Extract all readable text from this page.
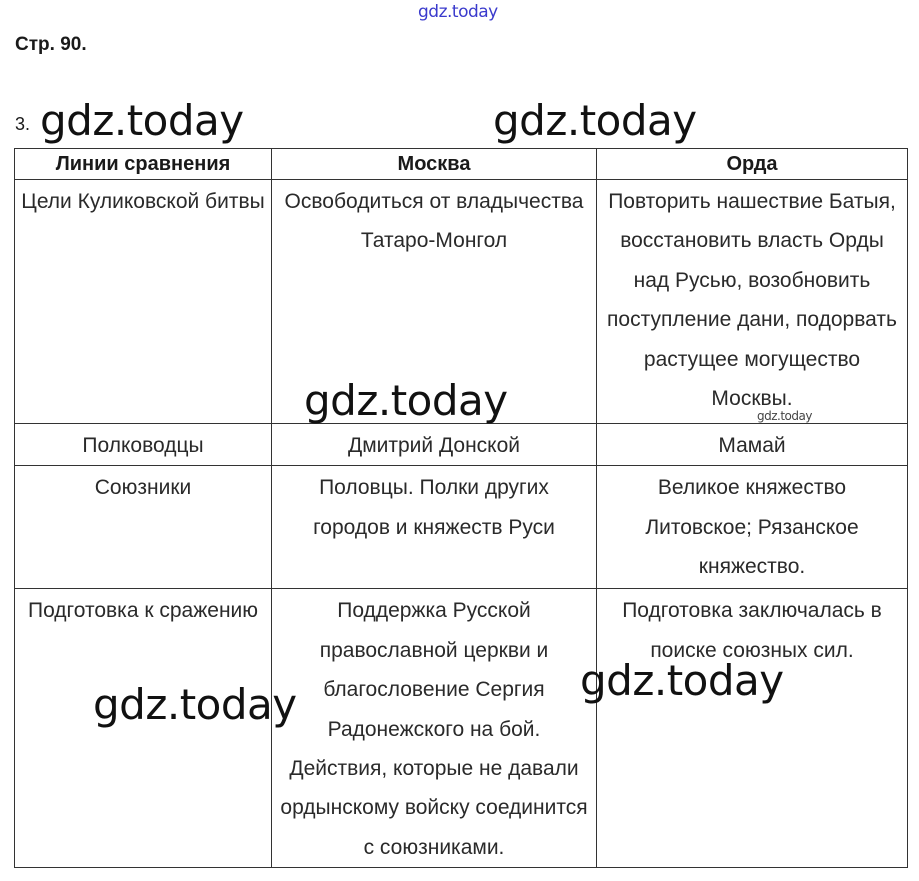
gdz.today
Стр. 90.
3.
Линии сравнения	Москва	Орда
Цели Куликовской битвы	Освободиться от владычества Татаро-Монгол	Повторить нашествие Батыя, восстановить власть Орды над Русью, возобновить поступление дани, подорвать растущее могущество Москвы.
Полководцы	Дмитрий Донской	Мамай
Союзники	Половцы. Полки других городов и княжеств Руси	Великое княжество Литовское; Рязанское княжество.
Подготовка к сражению	Поддержка Русской православной церкви и благословение Сергия Радонежского на бой. Действия, которые не давали ордынскому войску соединится с союзниками.	Подготовка заключалась в поиске союзных сил.
gdz.today	gdz.today
gdz.today	gdz.today
gdz.today
gdz.today
